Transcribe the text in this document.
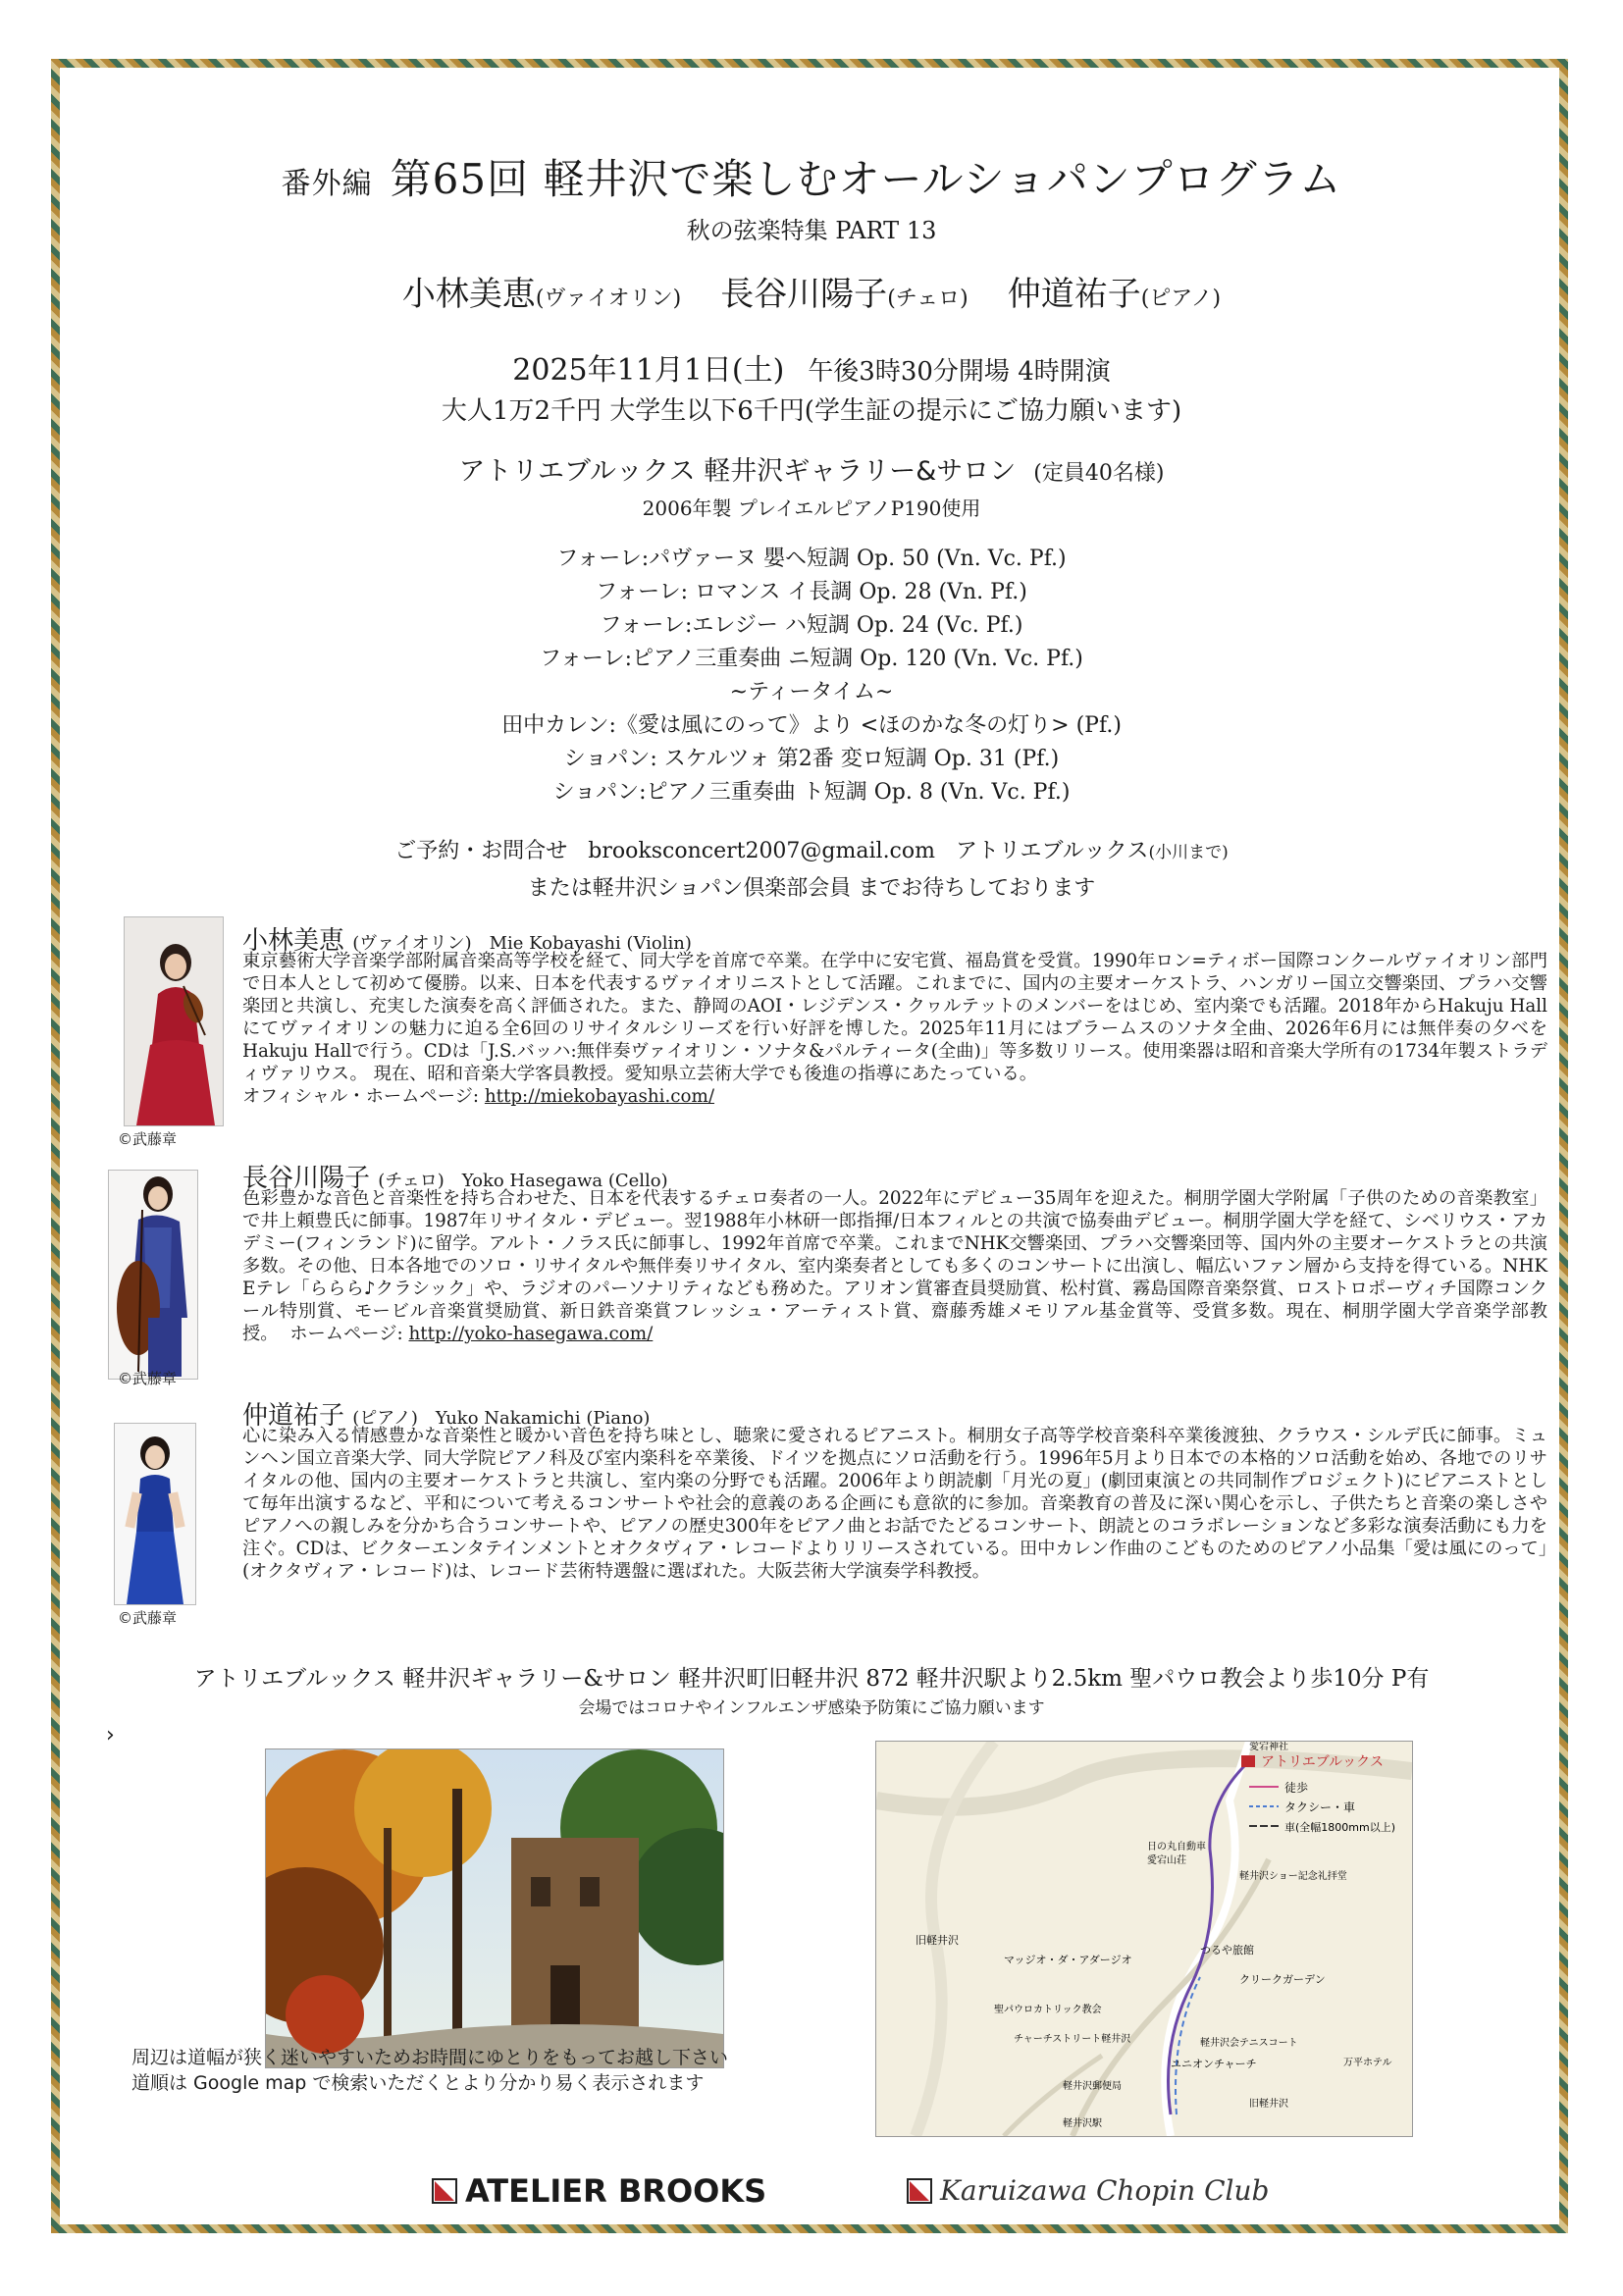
番外編 第65回 軽井沢で楽しむオールショパンプログラム
秋の弦楽特集 PART 13
小林美恵(ヴァイオリン) 長谷川陽子(チェロ) 仲道祐子(ピアノ)
2025年11月1日(土) 午後3時30分開場 4時開演
大人1万2千円 大学生以下6千円(学生証の提示にご協力願います)
アトリエブルックス 軽井沢ギャラリー&サロン (定員40名様)
2006年製 プレイエルピアノP190使用
フォーレ:パヴァーヌ 嬰ヘ短調 Op. 50 (Vn. Vc. Pf.)
フォーレ: ロマンス イ長調 Op. 28 (Vn. Pf.)
フォーレ:エレジー ハ短調 Op. 24 (Vc. Pf.)
フォーレ:ピアノ三重奏曲 ニ短調 Op. 120 (Vn. Vc. Pf.)
~ティータイム~
田中カレン:《愛は風にのって》より <ほのかな冬の灯り> (Pf.)
ショパン: スケルツォ 第2番 変ロ短調 Op. 31 (Pf.)
ショパン:ピアノ三重奏曲 ト短調 Op. 8 (Vn. Vc. Pf.)
ご予約・お問合せ brooksconcert2007@gmail.com アトリエブルックス(小川まで)
または軽井沢ショパン倶楽部会員 までお待ちしております
©武藤章
小林美恵 (ヴァイオリン) Mie Kobayashi (Violin)
東京藝術大学音楽学部附属音楽高等学校を経て、同大学を首席で卒業。在学中に安宅賞、福島賞を受賞。1990年ロン=ティボー国際コンクールヴァイオリン部門で日本人として初めて優勝。以来、日本を代表するヴァイオリニストとして活躍。これまでに、国内の主要オーケストラ、ハンガリー国立交響楽団、プラハ交響楽団と共演し、充実した演奏を高く評価された。また、静岡のAOI・レジデンス・クヮルテットのメンバーをはじめ、室内楽でも活躍。2018年からHakuju Hallにてヴァイオリンの魅力に迫る全6回のリサイタルシリーズを行い好評を博した。2025年11月にはブラームスのソナタ全曲、2026年6月には無伴奏の夕べをHakuju Hallで行う。CDは「J.S.バッハ:無伴奏ヴァイオリン・ソナタ&パルティータ(全曲)」等多数リリース。使用楽器は昭和音楽大学所有の1734年製ストラディヴァリウス。 現在、昭和音楽大学客員教授。愛知県立芸術大学でも後進の指導にあたっている。
オフィシャル・ホームページ: http://miekobayashi.com/
©武藤章
長谷川陽子 (チェロ) Yoko Hasegawa (Cello)
色彩豊かな音色と音楽性を持ち合わせた、日本を代表するチェロ奏者の一人。2022年にデビュー35周年を迎えた。桐朋学園大学附属「子供のための音楽教室」で井上頼豊氏に師事。1987年リサイタル・デビュー。翌1988年小林研一郎指揮/日本フィルとの共演で協奏曲デビュー。桐朋学園大学を経て、シベリウス・アカデミー(フィンランド)に留学。アルト・ノラス氏に師事し、1992年首席で卒業。これまでNHK交響楽団、プラハ交響楽団等、国内外の主要オーケストラとの共演多数。その他、日本各地でのソロ・リサイタルや無伴奏リサイタル、室内楽奏者としても多くのコンサートに出演し、幅広いファン層から支持を得ている。NHK Eテレ「ららら♪クラシック」や、ラジオのパーソナリティなども務めた。アリオン賞審査員奨励賞、松村賞、霧島国際音楽祭賞、ロストロポーヴィチ国際コンクール特別賞、モービル音楽賞奨励賞、新日鉄音楽賞フレッシュ・アーティスト賞、齋藤秀雄メモリアル基金賞等、受賞多数。現在、桐朋学園大学音楽学部教授。 ホームページ: http://yoko-hasegawa.com/
©武藤章
仲道祐子 (ピアノ) Yuko Nakamichi (Piano)
心に染み入る情感豊かな音楽性と暖かい音色を持ち味とし、聴衆に愛されるピアニスト。桐朋女子高等学校音楽科卒業後渡独、クラウス・シルデ氏に師事。ミュンヘン国立音楽大学、同大学院ピアノ科及び室内楽科を卒業後、ドイツを拠点にソロ活動を行う。1996年5月より日本での本格的ソロ活動を始め、各地でのリサイタルの他、国内の主要オーケストラと共演し、室内楽の分野でも活躍。2006年より朗読劇「月光の夏」(劇団東演との共同制作プロジェクト)にピアニストとして毎年出演するなど、平和について考えるコンサートや社会的意義のある企画にも意欲的に参加。音楽教育の普及に深い関心を示し、子供たちと音楽の楽しさやピアノへの親しみを分かち合うコンサートや、ピアノの歴史300年をピアノ曲とお話でたどるコンサート、朗読とのコラボレーションなど多彩な演奏活動にも力を注ぐ。CDは、ビクターエンタテインメントとオクタヴィア・レコードよりリリースされている。田中カレン作曲のこどものためのピアノ小品集「愛は風にのって」(オクタヴィア・レコード)は、レコード芸術特選盤に選ばれた。大阪芸術大学演奏学科教授。
アトリエブルックス 軽井沢ギャラリー&サロン 軽井沢町旧軽井沢 872 軽井沢駅より2.5km 聖パウロ教会より歩10分 P有
会場ではコロナやインフルエンザ感染予防策にご協力願います
›
アトリエブルックス
徒歩
タクシー・車
車(全幅1800mm以上)
愛宕神社
日の丸自動車
愛宕山荘
軽井沢ショー記念礼拝堂
旧軽井沢
マッジオ・ダ・アダージオ
つるや旅館
クリークガーデン
聖パウロカトリック教会
チャーチストリート軽井沢	軽井沢会テニスコート
ユニオンチャーチ
軽井沢郵便局
万平ホテル
旧軽井沢
軽井沢駅
周辺は道幅が狭く迷いやすいためお時間にゆとりをもってお越し下さい
道順は Google map で検索いただくとより分かり易く表示されます
ATELIER BROOKS	Karuizawa Chopin Club
